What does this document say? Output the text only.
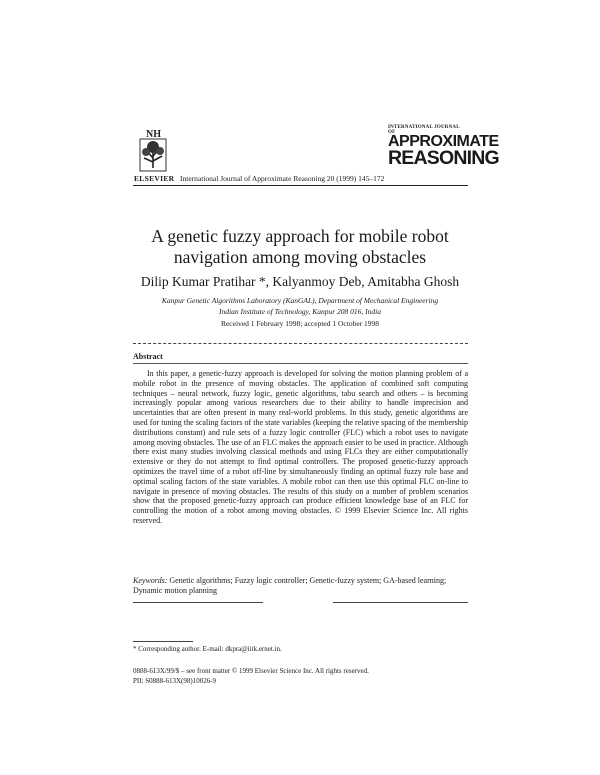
NH
ELSEVIER International Journal of Approximate Reasoning 20 (1999) 145–172
INTERNATIONAL JOURNAL OF
APPROXIMATE
REASONING
A genetic fuzzy approach for mobile robot navigation among moving obstacles
Dilip Kumar Pratihar *, Kalyanmoy Deb, Amitabha Ghosh
Kanpur Genetic Algorithms Laboratory (KanGAL), Department of Mechanical Engineering
Indian Institute of Technology, Kanpur 208 016, India
Received 1 February 1998; accepted 1 October 1998
Abstract
In this paper, a genetic-fuzzy approach is developed for solving the motion planning problem of a mobile robot in the presence of moving obstacles. The application of combined soft computing techniques – neural network, fuzzy logic, genetic algorithms, tabu search and others – is becoming increasingly popular among various researchers due to their ability to handle imprecision and uncertainties that are often present in many real-world problems. In this study, genetic algorithms are used for tuning the scaling factors of the state variables (keeping the relative spacing of the membership distributions constant) and rule sets of a fuzzy logic controller (FLC) which a robot uses to navigate among moving obstacles. The use of an FLC makes the approach easier to be used in practice. Although there exist many studies involving classical methods and using FLCs they are either computationally extensive or they do not attempt to find optimal controllers. The proposed genetic-fuzzy approach optimizes the travel time of a robot off-line by simultaneously finding an optimal fuzzy rule base and optimal scaling factors of the state variables. A mobile robot can then use this optimal FLC on-line to navigate in presence of moving obstacles. The results of this study on a number of problem scenarios show that the proposed genetic-fuzzy approach can produce efficient knowledge base of an FLC for controlling the motion of a robot among moving obstacles. © 1999 Elsevier Science Inc. All rights reserved.
Keywords: Genetic algorithms; Fuzzy logic controller; Genetic-fuzzy system; GA-based learning; Dynamic motion planning
* Corresponding author. E-mail: dkpra@iitk.ernet.in.
0888-613X/99/$ – see front matter © 1999 Elsevier Science Inc. All rights reserved.
PII: S0888-613X(98)10026-9
